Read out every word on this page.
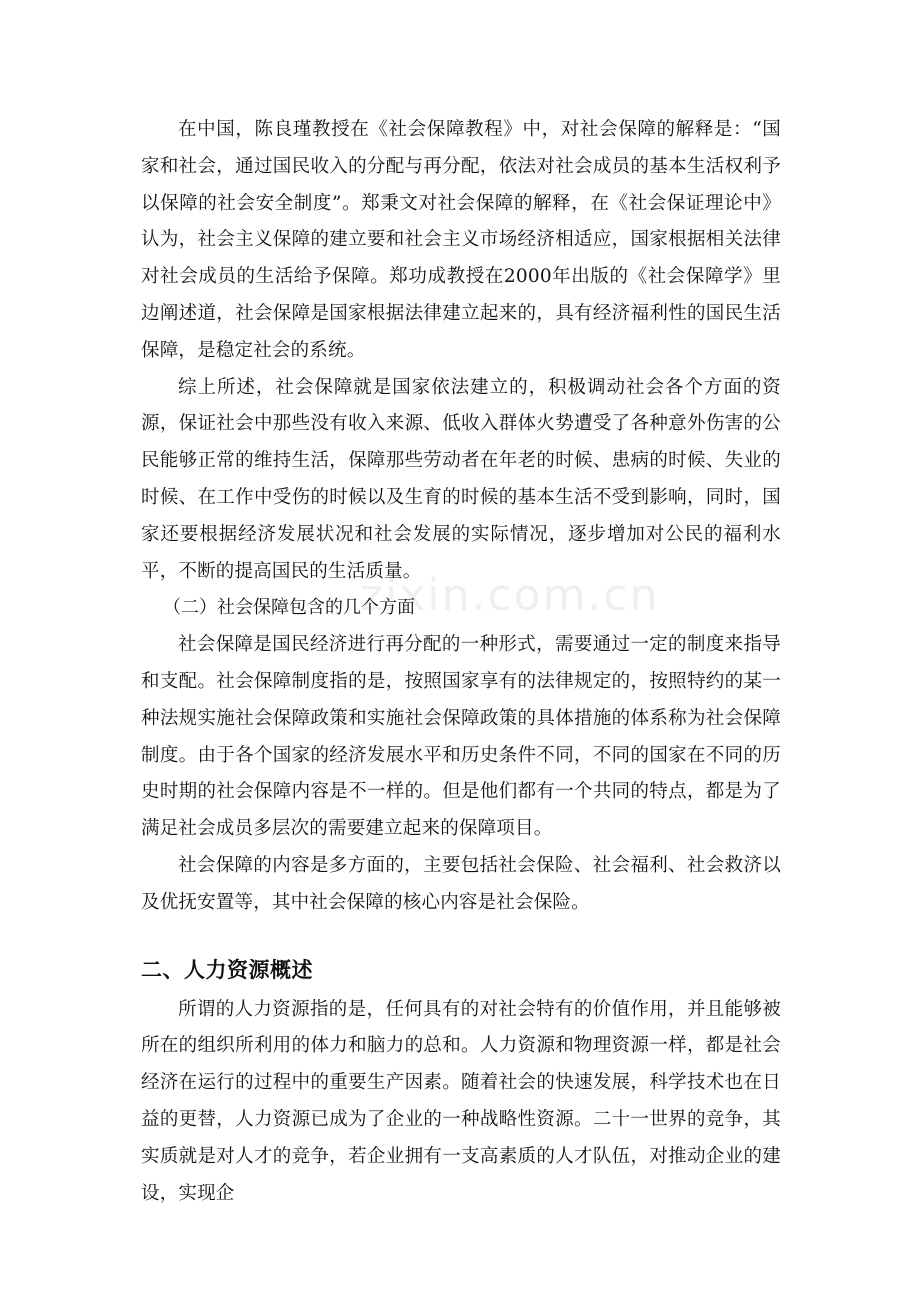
zixin.com.cn

在中国，陈良瑾教授在《社会保障教程》中，对社会保障的解释是：“国家和社会，通过国民收入的分配与再分配，依法对社会成员的基本生活权利予以保障的社会安全制度”。郑秉文对社会保障的解释，在《社会保证理论中》认为，社会主义保障的建立要和社会主义市场经济相适应，国家根据相关法律对社会成员的生活给予保障。郑功成教授在2000年出版的《社会保障学》里边阐述道，社会保障是国家根据法律建立起来的，具有经济福利性的国民生活保障，是稳定社会的系统。

综上所述，社会保障就是国家依法建立的，积极调动社会各个方面的资源，保证社会中那些没有收入来源、低收入群体火势遭受了各种意外伤害的公民能够正常的维持生活，保障那些劳动者在年老的时候、患病的时候、失业的时候、在工作中受伤的时候以及生育的时候的基本生活不受到影响，同时，国家还要根据经济发展状况和社会发展的实际情况，逐步增加对公民的福利水平，不断的提高国民的生活质量。

（二）社会保障包含的几个方面

社会保障是国民经济进行再分配的一种形式，需要通过一定的制度来指导和支配。社会保障制度指的是，按照国家享有的法律规定的，按照特约的某一种法规实施社会保障政策和实施社会保障政策的具体措施的体系称为社会保障制度。由于各个国家的经济发展水平和历史条件不同，不同的国家在不同的历史时期的社会保障内容是不一样的。但是他们都有一个共同的特点，都是为了满足社会成员多层次的需要建立起来的保障项目。

社会保障的内容是多方面的，主要包括社会保险、社会福利、社会救济以及优抚安置等，其中社会保障的核心内容是社会保险。

二、人力资源概述

所谓的人力资源指的是，任何具有的对社会特有的价值作用，并且能够被所在的组织所利用的体力和脑力的总和。人力资源和物理资源一样，都是社会经济在运行的过程中的重要生产因素。随着社会的快速发展，科学技术也在日益的更替，人力资源已成为了企业的一种战略性资源。二十一世界的竞争，其实质就是对人才的竞争，若企业拥有一支高素质的人才队伍，对推动企业的建设，实现企
